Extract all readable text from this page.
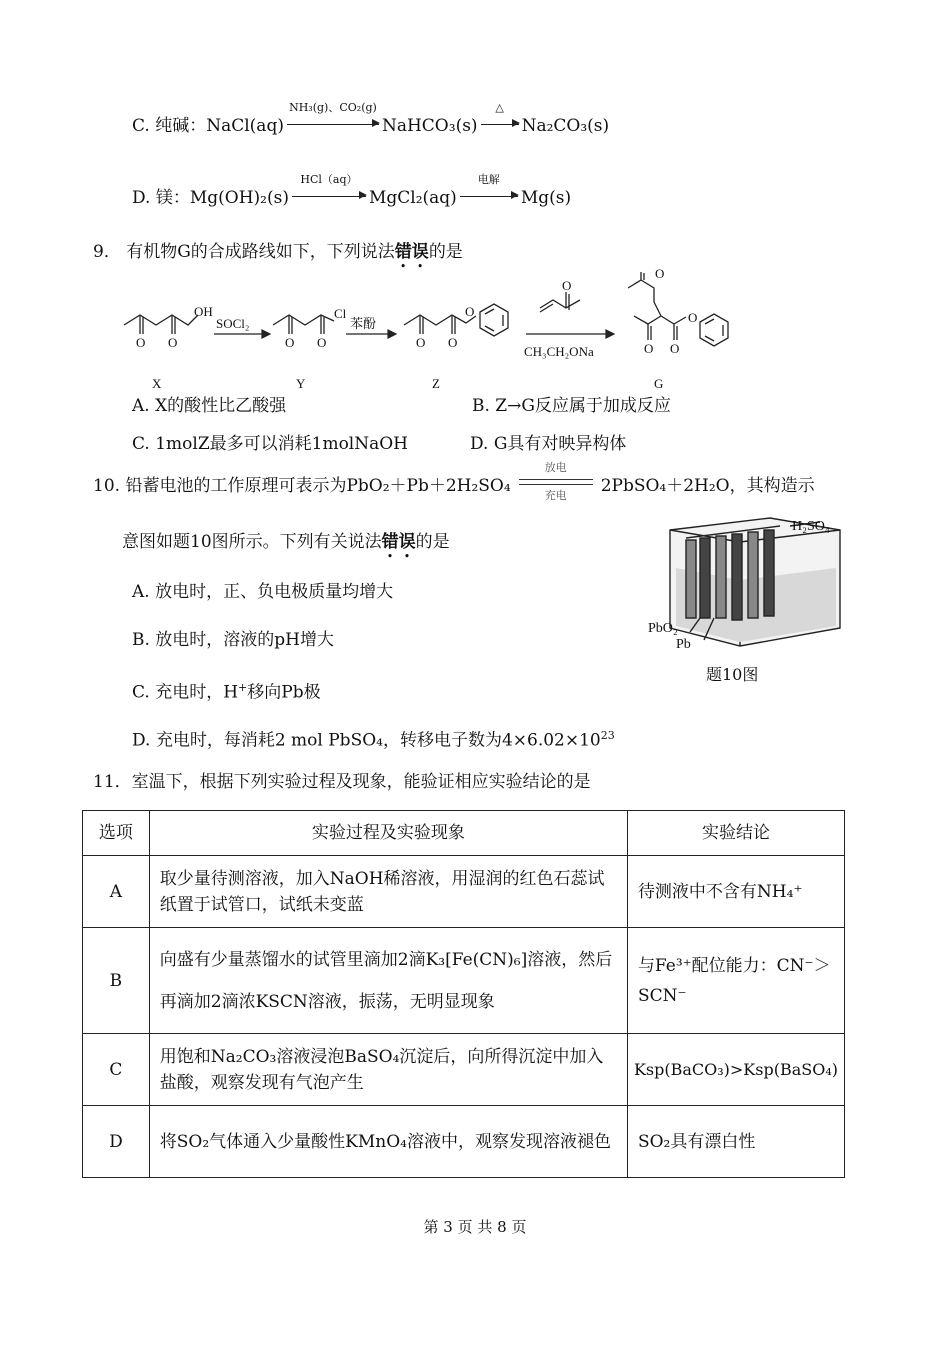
C. 纯碱：NaCl(aq)
NH₃(g)、CO₂(g)
NaHCO₃(s)
△
Na₂CO₃(s)
D. 镁：Mg(OH)₂(s)
HCl（aq）
MgCl₂(aq)
电解
Mg(s)
9． 有机物G的合成路线如下，下列说法错误的是
OH
O O
Cl
O O	O O
O
O
O
O O
O
SOCl₂	苯酚
CH₃CH₂ONa
X	Y	Z	G
A. X的酸性比乙酸强	B. Z→G反应属于加成反应
C. 1molZ最多可以消耗1molNaOH	D. G具有对映异构体
10. 铅蓄电池的工作原理可表示为PbO₂＋Pb＋2H₂SO₄
放电
充电	2PbSO₄＋2H₂O，其构造示
意图如题10图所示。下列有关说法错误的是
A. 放电时，正、负电极质量均增大
B. 放电时，溶液的pH增大
C. 充电时，H+移向Pb极
D. 充电时，每消耗2 mol PbSO₄，转移电子数为$4\times 6.02\times 10^{23}$
H₂SO₄
PbO₂
Pb
题10图
11．室温下，根据下列实验过程及现象，能验证相应实验结论的是
选项	实验过程及实验现象	实验结论
A	取少量待测溶液，加入NaOH稀溶液，用湿润的红色石蕊试纸置于试管口，试纸未变蓝	待测液中不含有NH₄⁺
B	向盛有少量蒸馏水的试管里滴加2滴K₃[Fe(CN)₆]溶液，然后再滴加2滴浓KSCN溶液，振荡，无明显现象	与Fe³⁺配位能力：CN⁻＞SCN⁻
C	用饱和Na₂CO₃溶液浸泡BaSO₄沉淀后，向所得沉淀中加入盐酸，观察发现有气泡产生	Ksp(BaCO₃)>Ksp(BaSO₄)
D	将SO₂气体通入少量酸性KMnO₄溶液中，观察发现溶液褪色	SO₂具有漂白性
第 3 页 共 8 页
